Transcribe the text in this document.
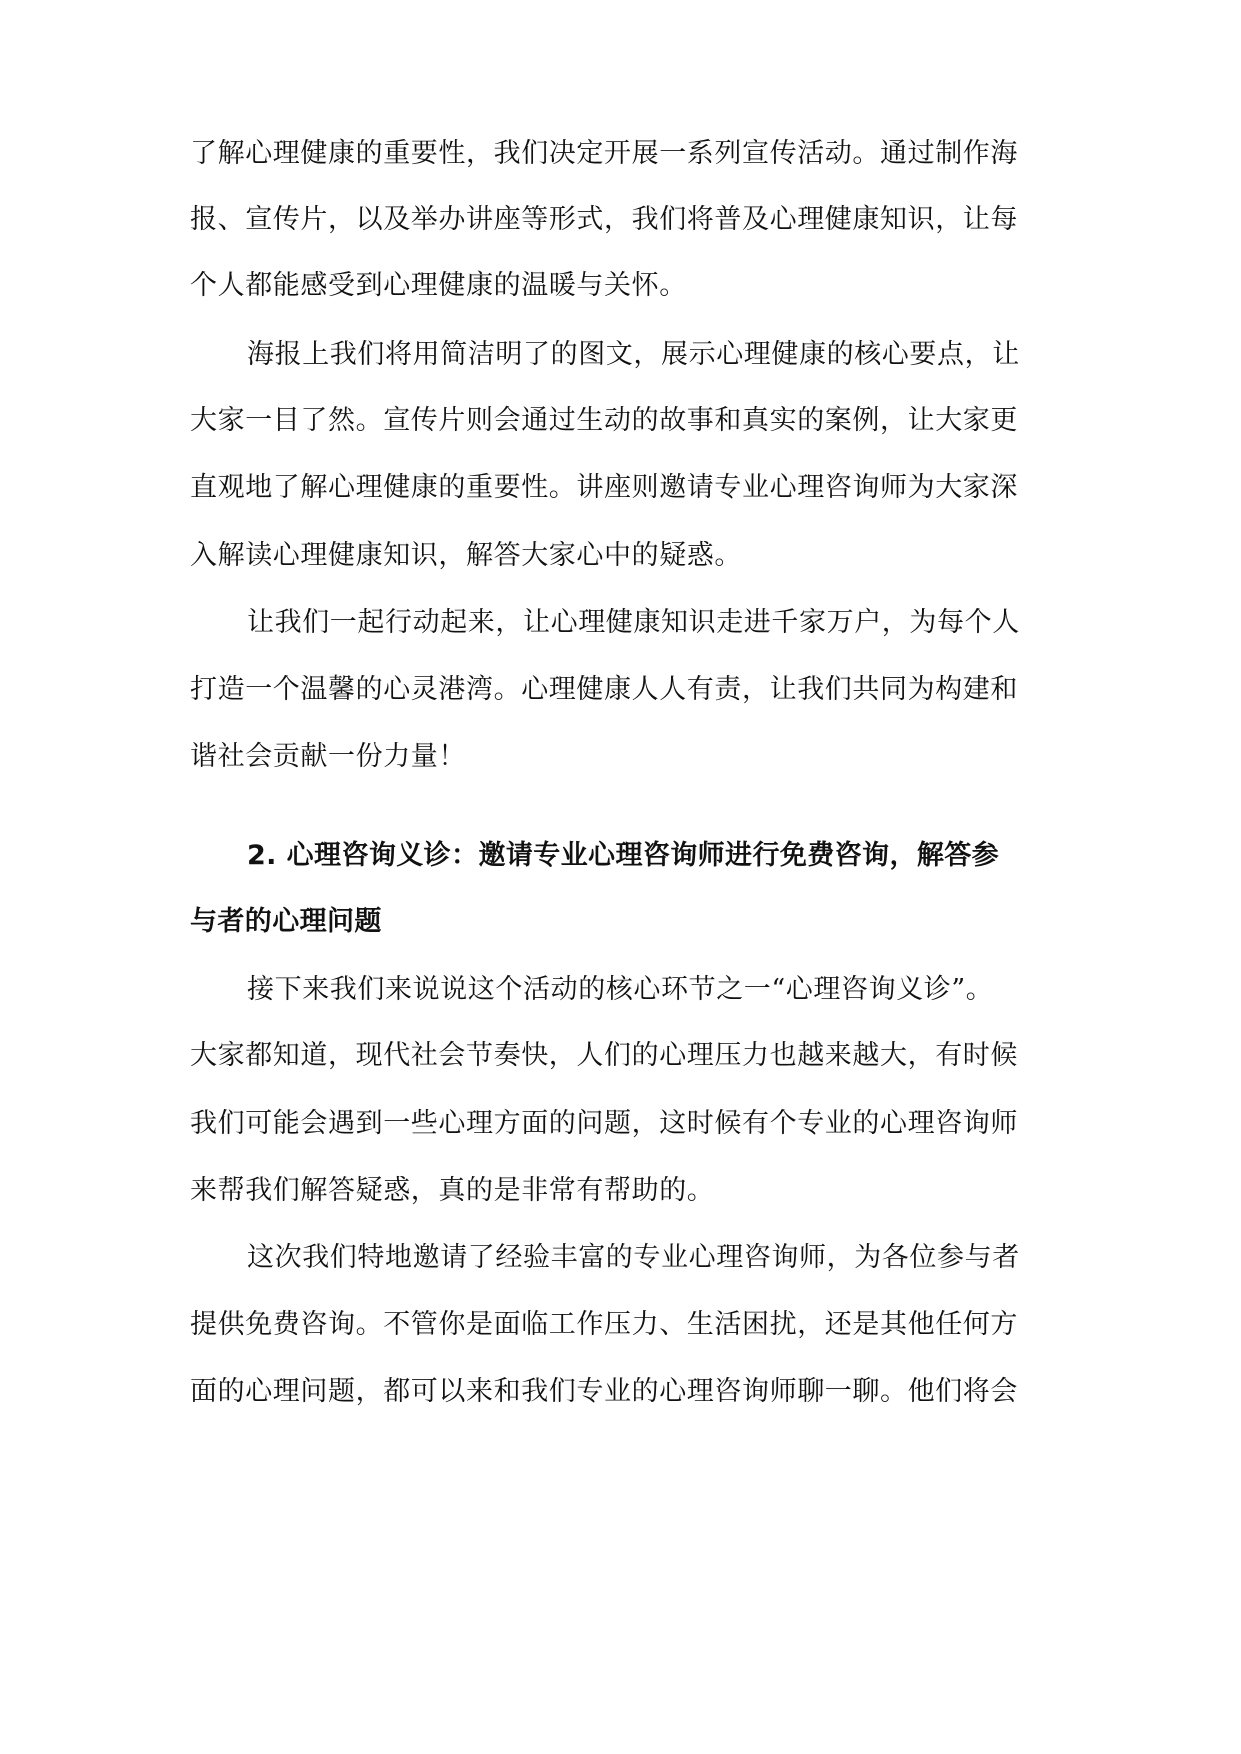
了解心理健康的重要性，我们决定开展一系列宣传活动。通过制作海
报、宣传片，以及举办讲座等形式，我们将普及心理健康知识，让每
个人都能感受到心理健康的温暖与关怀。
海报上我们将用简洁明了的图文，展示心理健康的核心要点，让
大家一目了然。宣传片则会通过生动的故事和真实的案例，让大家更
直观地了解心理健康的重要性。讲座则邀请专业心理咨询师为大家深
入解读心理健康知识，解答大家心中的疑惑。
让我们一起行动起来，让心理健康知识走进千家万户，为每个人
打造一个温馨的心灵港湾。心理健康人人有责，让我们共同为构建和
谐社会贡献一份力量！
2. 心理咨询义诊：邀请专业心理咨询师进行免费咨询，解答参
与者的心理问题
接下来我们来说说这个活动的核心环节之一“心理咨询义诊”。
大家都知道，现代社会节奏快，人们的心理压力也越来越大，有时候
我们可能会遇到一些心理方面的问题，这时候有个专业的心理咨询师
来帮我们解答疑惑，真的是非常有帮助的。
这次我们特地邀请了经验丰富的专业心理咨询师，为各位参与者
提供免费咨询。不管你是面临工作压力、生活困扰，还是其他任何方
面的心理问题，都可以来和我们专业的心理咨询师聊一聊。他们将会
